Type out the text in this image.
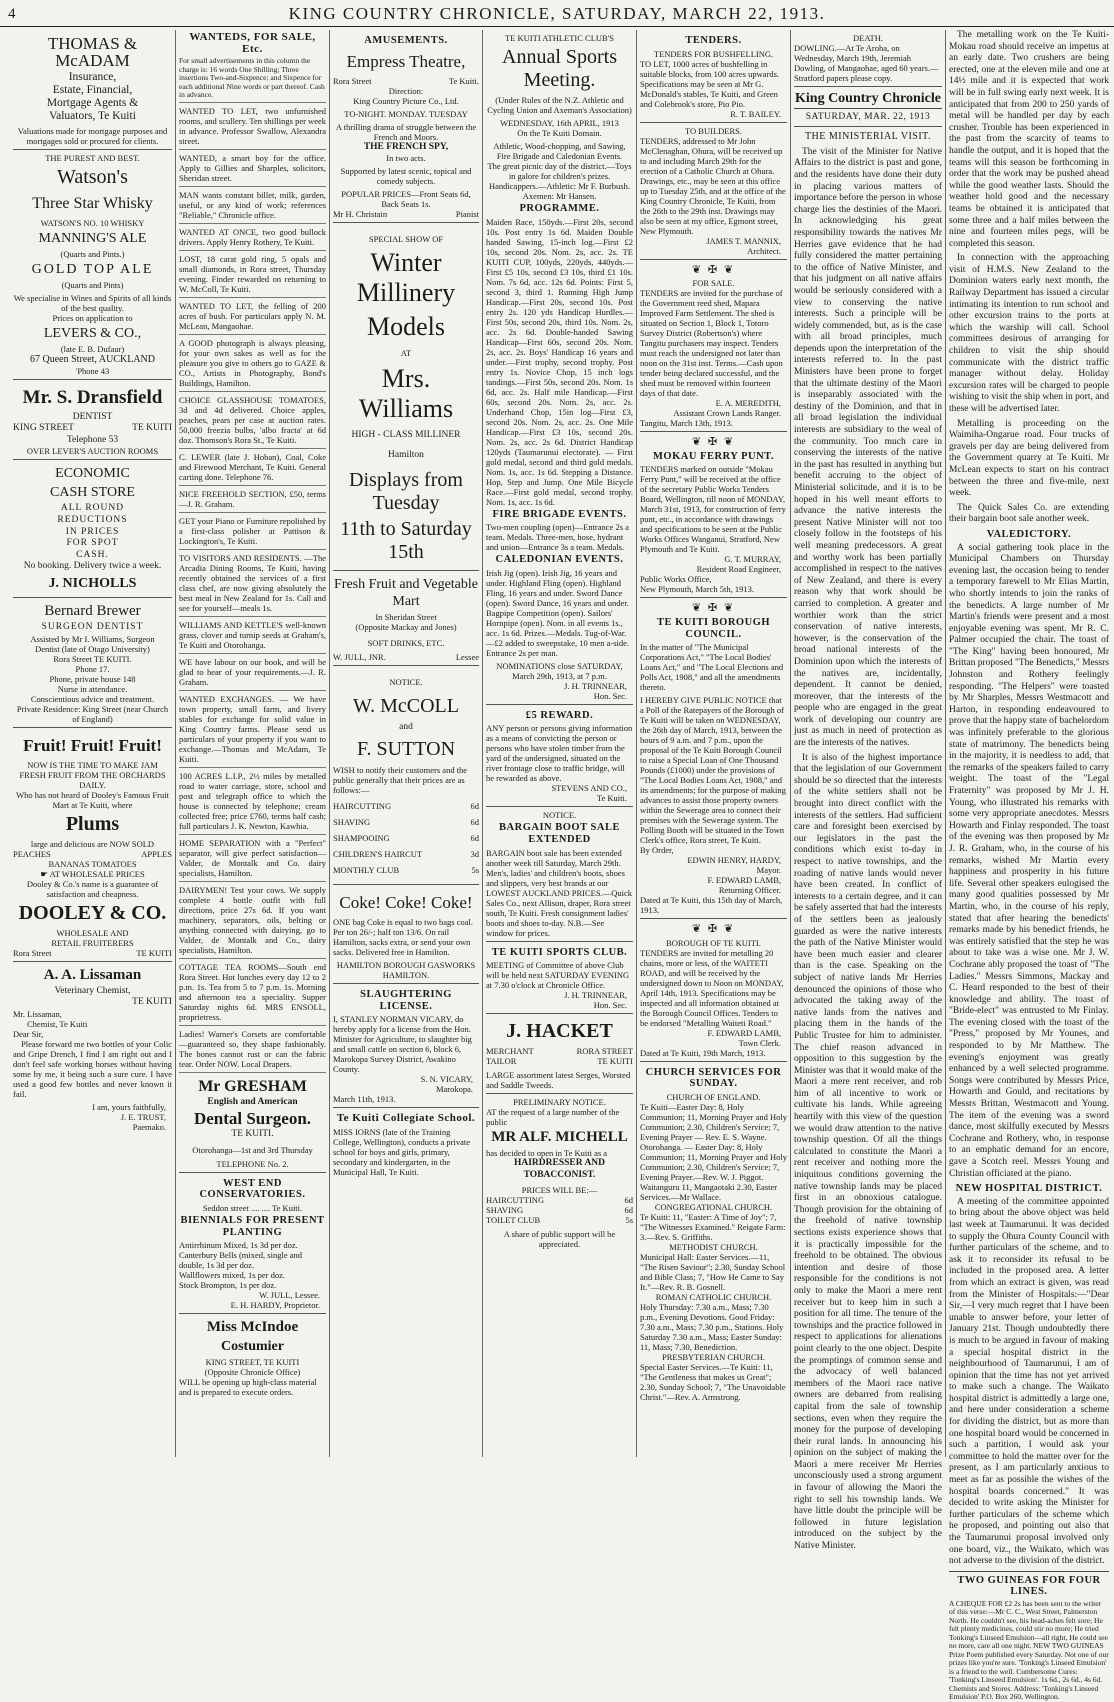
4	KING COUNTRY CHRONICLE, SATURDAY, MARCH 22, 1913.
THOMAS & McADAM
Insurance,
Estate, Financial,
Mortgage Agents &
Valuators, Te Kuiti
Valuations made for mortgage purposes and mortgages sold or procured for clients.
THE PUREST AND BEST.
Watson's
Three Star Whisky
WATSON'S NO. 10 WHISKY
MANNING'S ALE
(Quarts and Pints.)
GOLD TOP ALE
(Quarts and Pints)
We specialise in Wines and Spirits of all kinds of the best quality.
Prices on application to
LEVERS & CO.,
(late E. B. Dufaur)
67 Queen Street, AUCKLAND
'Phone 43
Mr. S. Dransfield
DENTIST
KING STREET	TE KUITI
Telephone 53
OVER LEVER'S AUCTION ROOMS
ECONOMIC
CASH STORE
ALL ROUND
REDUCTIONS
IN PRICES
FOR SPOT
CASH.
No booking. Delivery twice a week.
J. NICHOLLS
Bernard Brewer
SURGEON DENTIST
Assisted by Mr I. Williams, Surgeon
Dentist (late of Otago University)
Rora Street TE KUITI.
Phone 17.
Phone, private house 148
Nurse in attendance.
Conscientious advice and treatment.
Private Residence: King Street (near Church of England)
Fruit! Fruit! Fruit!
NOW IS THE TIME TO MAKE JAM
FRESH FRUIT FROM THE ORCHARDS DAILY.
Who has not heard of Dooley's Famous Fruit Mart at Te Kuiti, where
Plums
large and delicious are NOW SOLD
PEACHES	APPLES
BANANAS TOMATOES
☛ AT WHOLESALE PRICES
Dooley & Co.'s name is a guarantee of satisfaction and cheapness.
DOOLEY & CO.
WHOLESALE AND
RETAIL FRUITERERS
Rora Street	TE KUITI
A. A. Lissaman
Veterinary Chemist,
TE KUITI
Mr. Lissaman,
Chemist, Te Kuiti
Dear Sir,

Please forward me two bottles of your Colic and Gripe Drench, I find I am right out and I don't feel safe working horses without having some by me, it being such a sure cure. I have used a good few bottles and never known it fail.

I am, yours faithfully,
J. E. TRUST,
Paemako.
WANTEDS, FOR SALE, Etc.
For small advertisements in this column the charge is: 16 words One Shilling; Three insertions Two-and-Sixpence; and Sixpence for each additional Nine words or part thereof. Cash in advance.
WANTED TO LET, two unfurnished rooms, and scullery. Ten shillings per week in advance. Professor Swallow, Alexandra street.
WANTED, a smart boy for the office. Apply to Gillies and Sharples, solicitors, Sheridan street.
MAN wants constant billet, milk, garden, useful, or any kind of work; references "Reliable," Chronicle office.
WANTED AT ONCE, two good bullock drivers. Apply Henry Rothery, Te Kuiti.
LOST, 18 carat gold ring, 5 opals and small diamonds, in Rora street, Thursday evening. Finder rewarded on returning to W. McColl, Te Kuiti.
WANTED TO LET, the felling of 200 acres of bush. For particulars apply N. M. McLean, Mangaohae.
A GOOD photograph is always pleasing, for your own sakes as well as for the pleasure you give to others go to GAZE & CO., Artists in Photography, Bond's Buildings, Hamilton.
CHOICE GLASSHOUSE TOMATOES, 3d and 4d delivered. Choice apples, peaches, pears per case at auction rates. 50,000 freezia bulbs, 'albo fracta' at 6d doz. Thomson's Rora St., Te Kuiti.
C. LEWER (late J. Hoban), Coal, Coke and Firewood Merchant, Te Kuiti. General carting done. Telephone 76.
NICE FREEHOLD SECTION, £50, terms—J. R. Graham.
GET your Piano or Furniture repolished by a first-class polisher at Pattison & Lockington's, Te Kuiti.
TO VISITORS AND RESIDENTS. —The Arcadia Dining Rooms, Te Kuiti, having recently obtained the services of a first class chef, are now giving absolutely the best meal in New Zealand for 1s. Call and see for yourself—meals 1s.
WILLIAMS AND KETTLE'S well-known grass, clover and turnip seeds at Graham's, Te Kuiti and Otorohanga.
WE have labour on our book, and will be glad to hear of your requirements.—J. R. Graham.
WANTED EXCHANGES. — We have town property, small farm, and livery stables for exchange for solid value in King Country farms. Please send us particulars of your property if you want to exchange.—Thomas and McAdam, Te Kuiti.
100 ACRES L.I.P., 2½ miles by metalled road to water carriage, store, school and post and telegraph office to which the house is connected by telephone; cream collected free; price £760, terms half cash; full particulars J. K. Newton, Kawhia.
HOME SEPARATION with a "Perfect" separator, will give perfect satisfaction—Valder, de Montalk and Co. dairy specialists, Hamilton.
DAIRYMEN! Test your cows. We supply complete 4 bottle outfit with full directions, price 27s 6d. If you want machinery, separators, oils, belting or anything connected with dairying, go to Valder, de Montalk and Co., dairy specialists, Hamilton.
COTTAGE TEA ROOMS—South end Rora Street. Hot lunches every day 12 to 2 p.m. 1s. Tea from 5 to 7 p.m. 1s. Morning and afternoon tea a speciality. Supper Saturday nights 6d. MRS ENSOLL, proprietress.
Ladies! Warner's Corsets are comfortable—guaranteed so, they shape fashionably. The bones cannot rust or can the fabric tear. Order NOW. Local Drapers.
Mr GRESHAM
English and American
Dental Surgeon.
TE KUITI.
Otorohanga—1st and 3rd Thursday
TELEPHONE No. 2.
WEST END CONSERVATORIES.
Seddon street .... .... Te Kuiti.
BIENNIALS FOR PRESENT PLANTING
Antirrhinum Mixed, 1s 3d per doz.
Canterbury Bells (mixed, single and double, 1s 3d per doz.
Wallflowers mixed, 1s per doz.
Stock Brompton, 1s per doz.
W. JULL, Lessee.
E. H. HARDY, Proprietor.
Miss McIndoe
Costumier
KING STREET, TE KUITI
(Opposite Chronicle Office)
WILL be opening up high-class material and is prepared to execute orders.
AMUSEMENTS.
Empress Theatre,
Rora Street	Te Kuiti.
Direction:
King Country Picture Co., Ltd.
TO-NIGHT. MONDAY. TUESDAY
A thrilling drama of struggle between the French and Moors.
THE FRENCH SPY,
In two acts.
Supported by latest scenic, topical and comedy subjects.
POPULAR PRICES—Front Seats 6d, Back Seats 1s.
Mr H. Christain	Pianist
SPECIAL SHOW OF
Winter Millinery
Models
AT
Mrs. Williams
HIGH - CLASS MILLINER
Hamilton
Displays from Tuesday
11th to Saturday 15th
Fresh Fruit and Vegetable Mart
In Sheridan Street
(Opposite Mackay and Jones)
SOFT DRINKS, ETC.
W. JULL, JNR.	Lessee
NOTICE.
W. McCOLL
and
F. SUTTON
WISH to notify their customers and the public generally that their prices are as follows:—
HAIRCUTTING	6d
SHAVING	6d
SHAMPOOING	6d
CHILDREN'S HAIRCUT	3d
MONTHLY CLUB	5s
Coke! Coke! Coke!
ONE bag Coke is equal to two bags coal. Per ton 26/-; half ton 13/6. On rail Hamilton, sacks extra, or send your own sacks. Delivered free in Hamilton.
HAMILTON BOROUGH GASWORKS HAMILTON.
SLAUGHTERING LICENSE.
I, STANLEY NORMAN VICARY, do hereby apply for a license from the Hon. Minister for Agriculture, to slaughter big and small cattle on section 6, block 6, Marokopa Survey District, Awakino County.
S. N. VICARY,
Marokopa.
March 11th, 1913.
Te Kuiti Collegiate School.
MISS IORNS (late of the Training College, Wellington), conducts a private school for boys and girls, primary, secondary and kindergarten, in the Municipal Hall, Te Kuiti.
TE KUITI ATHLETIC CLUB'S
Annual Sports Meeting.
(Under Rules of the N.Z. Athletic and Cycling Union and Axeman's Association)
WEDNESDAY, 16th APRIL, 1913
On the Te Kuiti Domain.
Athletic, Wood-chopping, and Sawing, Fire Brigade and Caledonian Events.
The great picnic day of the district.—Toys in galore for children's prizes.
Handicappers.—Athletic: Mr F. Burbush. Axemen: Mr Hansen.
PROGRAMME.
Maiden Race, 150yds.—First 20s, second 10s. Post entry 1s 6d. Maiden Double handed Sawing, 15-inch log.—First £2 10s, second 20s. Nom. 2s, acc. 2s. TE KUITI CUP, 100yds, 220yds, 440yds.—First £5 10s, second £3 10s, third £1 10s. Nom. 7s 6d, acc. 12s 6d. Points: First 5, second 3, third 1. Running High Jump Handicap.—First 20s, second 10s. Post entry 2s. 120 yds Handicap Hurdles.—First 50s, second 20s, third 10s. Nom. 2s, acc. 2s 6d. Double-handed Sawing Handicap—First 60s, second 20s. Nom. 2s, acc. 2s. Boys' Handicap 16 years and under.—First trophy, second trophy. Post entry 1s. Novice Chop, 15 inch logs tandings.—First 50s, second 20s. Nom. 1s 6d, acc. 2s. Half mile Handicap.—First 60s, second 20s. Nom. 2s, acc. 2s. Underhand Chop, 15in log—First £3, second 20s. Nom. 2s, acc. 2s. One Mile Handicap.—First £3 10s, second 20s. Nom. 2s, acc. 2s 6d. District Handicap 120yds (Taumarunui electorate). — First gold medal, second and third gold medals. Nom. 1s, acc. 1s 6d. Stepping a Distance. Hop, Step and Jump. One Mile Bicycle Race.—First gold medal, second trophy. Nom. 1s, acc. 1s 6d.
FIRE BRIGADE EVENTS.
Two-men coupling (open)—Entrance 2s a team. Medals. Three-men, hose, hydrant and union—Entrance 3s a team. Medals.
CALEDONIAN EVENTS.
Irish Jig (open). Irish Jig, 16 years and under. Highland Fling (open). Highland Fling, 16 years and under. Sword Dance (open). Sword Dance, 16 years and under. Bagpipe Competition (open). Sailors' Hornpipe (open). Nom. in all events 1s., acc. 1s 6d. Prizes.—Medals. Tug-of-War.—£2 added to sweepstake, 10 men a-side. Entrance 2s per man.
NOMINATIONS close SATURDAY, March 29th, 1913, at 7 p.m.
J. H. TRINNEAR,
Hon. Sec.
£5 REWARD.
ANY person or persons giving information as a means of convicting the person or persons who have stolen timber from the yard of the undersigned, situated on the river frontage close to traffic bridge, will be rewarded as above.
STEVENS AND CO.,
Te Kuiti.
NOTICE.
BARGAIN BOOT SALE EXTENDED
BARGAIN boot sale has been extended another week till Saturday, March 29th. Men's, ladies' and children's boots, shoes and slippers, very best brands at our LOWEST AUCKLAND PRICES.—Quick Sales Co., next Allison, draper, Rora street south, Te Kuiti. Fresh consignment ladies' boots and shoes to-day. N.B.—See window for prices.
TE KUITI SPORTS CLUB.
MEETING of Committee of above Club will be held next SATURDAY EVENING at 7.30 o'clock at Chronicle Office.
J. H. TRINNEAR,
Hon. Sec.
J. HACKET
MERCHANT	RORA STREET
TAILOR	TE KUITI
LARGE assortment latest Serges, Worsted and Saddle Tweeds.
PRELIMINARY NOTICE.
AT the request of a large number of the public
MR ALF. MICHELL
has decided to open in Te Kuiti as a
HAIRDRESSER AND TOBACCONIST.
PRICES WILL BE:—
HAIRCUTTING	6d
SHAVING	6d
TOILET CLUB	5s
A share of public support will be appreciated.
TENDERS.
TENDERS FOR BUSHFELLING.
TO LET, 1000 acres of bushfelling in suitable blocks, from 100 acres upwards. Specifications may be seen at Mr G. McDonald's stables, Te Kuiti, and Green and Colebrook's store, Pio Pio.
R. T. BAILEY.
TO BUILDERS.
TENDERS, addressed to Mr John McClenaghan, Ohura, will be received up to and including March 29th for the erection of a Catholic Church at Ohura. Drawings, etc., may be seen at this office up to Tuesday 25th, and at the office of the King Country Chronicle, Te Kuiti, from the 26th to the 29th inst. Drawings may also be seen at my office, Egmont street, New Plymouth.
JAMES T. MANNIX,
Architect.
❦ ✠ ❦
FOR SALE.
TENDERS are invited for the purchase of the Government reed shed, Mapara Improved Farm Settlement. The shed is situated on Section 1, Block 1, Totoro Survey District (Robertson's) where Tangitu purchasers may inspect. Tenders must reach the undersigned not later than noon on the 31st inst. Terms.—Cash upon tender being declared successful, and the shed must be removed within fourteen days of that date.
E. A. MEREDITH,
Assistant Crown Lands Ranger.
Tangitu, March 13th, 1913.
❦ ✠ ❦
MOKAU FERRY PUNT.
TENDERS marked on outside "Mokau Ferry Punt," will be received at the office of the secretary Public Works Tenders Board, Wellington, till noon of MONDAY, March 31st, 1913, for construction of ferry punt, etc., in accordance with drawings and specifications to be seen at the Public Works Offices Wanganui, Stratford, New Plymouth and Te Kuiti.
G. T. MURRAY,
Resident Road Engineer,
Public Works Office,
New Plymouth, March 5th, 1913.
❦ ✠ ❦
TE KUITI BOROUGH COUNCIL.
In the matter of "The Municipal Corporations Act," "The Local Bodies' Loans Act," and "The Local Elections and Polls Act, 1908," and all the amendments thereto.
I HEREBY GIVE PUBLIC NOTICE that a Poll of the Ratepayers of the Borough of Te Kuiti will be taken on WEDNESDAY, the 26th day of March, 1913, between the hours of 9 a.m. and 7 p.m., upon the proposal of the Te Kuiti Borough Council to raise a Special Loan of One Thousand Pounds (£1000) under the provisions of "The Local Bodies Loans Act, 1908," and its amendments; for the purpose of making advances to assist those property owners within the Sewerage area to connect their premises with the Sewerage system. The Polling Booth will be situated in the Town Clerk's office, Rora street, Te Kuiti.
By Order,
EDWIN HENRY, HARDY,
Mayor.
F. EDWARD LAMB,
Returning Officer.
Dated at Te Kuiti, this 15th day of March, 1913.
❦ ✠ ❦
BOROUGH OF TE KUITI.
TENDERS are invited for metalling 20 chains, more or less, of the WAITETI ROAD, and will be received by the undersigned down to Noon on MONDAY, April 14th, 1913. Specifications may be inspected and all information obtained at the Borough Council Offices. Tenders to be endorsed "Metalling Waiteti Road."
F. EDWARD LAMB,
Town Clerk.
Dated at Te Kuiti, 19th March, 1913.
CHURCH SERVICES FOR SUNDAY.
CHURCH OF ENGLAND.
Te Kuiti—Easter Day: 8, Holy Communion; 11, Morning Prayer and Holy Communion; 2.30, Children's Service; 7, Evening Prayer — Rev. E. S. Wayne. Otorohanga. — Easter Day: 8, Holy Communion; 11, Morning Prayer and Holy Communion; 2.30, Children's Service; 7, Evening Prayer.—Rev. W. J. Piggot. Waitanguru 11, Mangaotaki 2.30, Easter Services.—Mr Wallace.
CONGREGATIONAL CHURCH.
Te Kuiti: 11, "Easter: A Time of Joy"; 7, "The Witnesses Examined." Reigate Farm: 3.—Rev. S. Griffiths.
METHODIST CHURCH.
Municipal Hall: Easter Services.—11, "The Risen Saviour"; 2.30, Sunday School and Bible Class; 7, "How He Came to Say It."—Rev. R. B. Gosnell.
ROMAN CATHOLIC CHURCH.
Holy Thursday: 7.30 a.m., Mass; 7.30 p.m., Evening Devotions. Good Friday: 7.30 a.m., Mass; 7.30 p.m., Stations. Holy Saturday 7.30 a.m., Mass; Easter Sunday: 11, Mass; 7.30, Benediction.
PRESBYTERIAN CHURCH.
Special Easter Services.—Te Kuiti: 11, "The Gentleness that makes us Great"; 2.30, Sunday School; 7, "The Unavoidable Christ."—Rev. A. Armstrong.
DEATH.
DOWLING.—At Te Aroha, on Wednesday, March 19th, Jeremiah Dowling, of Mangaohae, aged 60 years.—Stratford papers please copy.
King Country Chronicle
SATURDAY, MAR. 22, 1913
THE MINISTERIAL VISIT.

The visit of the Minister for Native Affairs to the district is past and gone, and the residents have done their duty in placing various matters of importance before the person in whose charge lies the destinies of the Maori. In acknowledging his great responsibility towards the natives Mr Herries gave evidence that he had fully considered the matter pertaining to the office of Native Minister, and that his judgment on all native affairs would be seriously considered with a view to conserving the native interests. Such a principle will be widely commended, but, as is the case with all broad principles, much depends upon the interpretation of the interests referred to. In the past Ministers have been prone to forget that the ultimate destiny of the Maori is inseparably associated with the destiny of the Dominion, and that in all broad legislation the individual interests are subsidiary to the weal of the community. Too much care in conserving the interests of the native in the past has resulted in anything but benefit accruing to the object of Ministerial solicitude, and it is to be hoped in his well meant efforts to advance the native interests the present Native Minister will not too closely follow in the footsteps of his well meaning predecessors. A great and worthy work has been partially accomplished in respect to the natives of New Zealand, and there is every reason why that work should be carried to completion. A greater and worthier work than the strict conservation of native interests, however, is the conservation of the broad national interests of the Dominion upon which the interests of the natives are, incidentally, dependent. It cannot be denied, moreover, that the interests of the people who are engaged in the great work of developing our country are just as much in need of protection as are the interests of the natives.

It is also of the highest importance that the legislation of our Government should be so directed that the interests of the white settlers shall not be brought into direct conflict with the interests of the settlers. Had sufficient care and foresight been exercised by our legislators in the past the conditions which exist to-day in respect to native townships, and the roading of native lands would never have been created. In conflict of interests to a certain degree, and it can be safely asserted that had the interests of the settlers been as jealously guarded as were the native interests the path of the Native Minister would have been much easier and clearer than is the case. Speaking on the subject of native lands Mr Herries denounced the opinions of those who advocated the taking away of the native lands from the natives and placing them in the hands of the Public Trustee for him to administer. The chief reason advanced in opposition to this suggestion by the Minister was that it would make of the Maori a mere rent receiver, and rob him of all incentive to work or cultivate his lands. While agreeing heartily with this view of the question we would draw attention to the native township question. Of all the things calculated to constitute the Maori a rent receiver and nothing more the iniquitous conditions governing the native township lands may be placed first in an obnoxious catalogue. Though provision for the obtaining of the freehold of native township sections exists experience shows that it is practically impossible for the freehold to be obtained. The obvious intention and desire of those responsible for the conditions is not only to make the Maori a mere rent receiver but to keep him in such a position for all time. The tenure of the townships and the practice followed in respect to applications for alienations point clearly to the one object. Despite the promptings of common sense and the advocacy of well balanced members of the Maori race native owners are debarred from realising capital from the sale of township sections, even when they require the money for the purpose of developing their rural lands. In announcing his opinion on the subject of making the Maori a mere receiver Mr Herries unconsciously used a strong argument in favour of allowing the Maori the right to sell his township lands. We have little doubt the principle will be followed in future legislation introduced on the subject by the Native Minister.

The metalling work on the Te Kuiti-Mokau road should receive an impetus at an early date. Two crushers are being erected, one at the eleven mile and one at 14½ mile and it is expected that work will be in full swing early next week. It is anticipated that from 200 to 250 yards of metal will be handled per day by each crusher. Trouble has been experienced in the past from the scarcity of teams to handle the output, and it is hoped that the teams will this season be forthcoming in order that the work may be pushed ahead while the good weather lasts. Should the weather hold good and the necessary teams be obtained it is anticipated that some three and a half miles between the nine and fourteen miles pegs, will be completed this season.

In connection with the approaching visit of H.M.S. New Zealand to the Dominion waters early next month, the Railway Department has issued a circular intimating its intention to run school and other excursion trains to the ports at which the warship will call. School committees desirous of arranging for children to visit the ship should communicate with the district traffic manager without delay. Holiday excursion rates will be charged to people wishing to visit the ship when in port, and these will be advertised later.

Metalling is proceeding on the Waimiha-Ongarue road. Four trucks of gravels per day are being delivered from the Government quarry at Te Kuiti. Mr McLean expects to start on his contract between the three and five-mile, next week.

The Quick Sales Co. are extending their bargain boot sale another week.

VALEDICTORY.

A social gathering took place in the Municipal Chambers on Thursday evening last, the occasion being to tender a temporary farewell to Mr Elias Martin, who shortly intends to join the ranks of the benedicts. A large number of Mr Martin's friends were present and a most enjoyable evening was spent. Mr R. C. Palmer occupied the chair. The toast of "The King" having been honoured, Mr Brittan proposed "The Benedicts," Messrs Johnston and Rothery feelingly responding. "The Helpers" were toasted by Mr Sharples, Messrs Westmacott and Harton, in responding endeavoured to prove that the happy state of bachelordom was infinitely preferable to the glorious state of matrimony. The benedicts being in the majority, it is needless to add, that the remarks of the speakers failed to carry weight. The toast of the "Legal Fraternity" was proposed by Mr J. H. Young, who illustrated his remarks with some very appropriate anecdotes. Messrs Howarth and Finlay responded. The toast of the evening was then proposed by Mr J. R. Graham, who, in the course of his remarks, wished Mr Martin every happiness and prosperity in his future life. Several other speakers eulogised the many good qualities possessed by Mr Martin, who, in the course of his reply, stated that after hearing the benedicts' remarks made by his benedict friends, he was entirely satisfied that the step he was about to take was a wise one. Mr J. W. Cochrane ably proposed the toast of "The Ladies." Messrs Simmons, Mackay and C. Heard responded to the best of their knowledge and ability. The toast of "Bride-elect" was entrusted to Mr Finlay. The evening closed with the toast of the "Press," proposed by Mr Younes, and responded to by Mr Matthew. The evening's enjoyment was greatly enhanced by a well selected programme. Songs were contributed by Messrs Price, Howarth and Gould, and recitations by Messrs Brittan, Westmacott and Young. The item of the evening was a sword dance, most skilfully executed by Messrs Cochrane and Rothery, who, in response to an emphatic demand for an encore, gave a Scotch reel. Messrs Young and Christian officiated at the piano.

NEW HOSPITAL DISTRICT.

A meeting of the committee appointed to bring about the above object was held last week at Taumarunui. It was decided to supply the Ohura County Council with further particulars of the scheme, and to ask it to reconsider its refusal to be included in the proposed area. A letter from which an extract is given, was read from the Minister of Hospitals:—"Dear Sir,—I very much regret that I have been unable to answer before, your letter of January 21st. Though undoubtedly there is much to be argued in favour of making a special hospital district in the neighbourhood of Taumarunui, I am of opinion that the time has not yet arrived to make such a change. The Waikato hospital district is admittedly a large one, and here under consideration a scheme for dividing the district, but as more than one hospital board would be concerned in such a partition, I would ask your committee to hold the matter over for the present, as I am particularly anxious to meet as far as possible the wishes of the hospital boards concerned." It was decided to write asking the Minister for further particulars of the scheme which he proposed, and pointing out also that the Taumarunui proposal involved only one board, viz., the Waikato, which was not adverse to the division of the district.

TWO GUINEAS FOR FOUR LINES.
A CHEQUE FOR £2 2s has been sent to the writer of this verse:—Mr C. C., West Street, Palmerston North. He couldn't see, his head-aches felt sore; He felt plenty medicines, could stir no more; He tried Tonking's Linseed Emulsion—all right, He could see no more, care all one night. NEW TWO GUINEAS Prize Poem published every Saturday. Not one of our prizes like you're sure. 'Tonking's Linseed Emulsion' is a friend to the well. Cumbersome Cures: 'Tonking's Linseed Emulsion'. 1s 6d., 2s 6d., 4s 6d. Chemists and Stores. Address: 'Tonking's Linseed Emulsion' P.O. Box 260, Wellington.
